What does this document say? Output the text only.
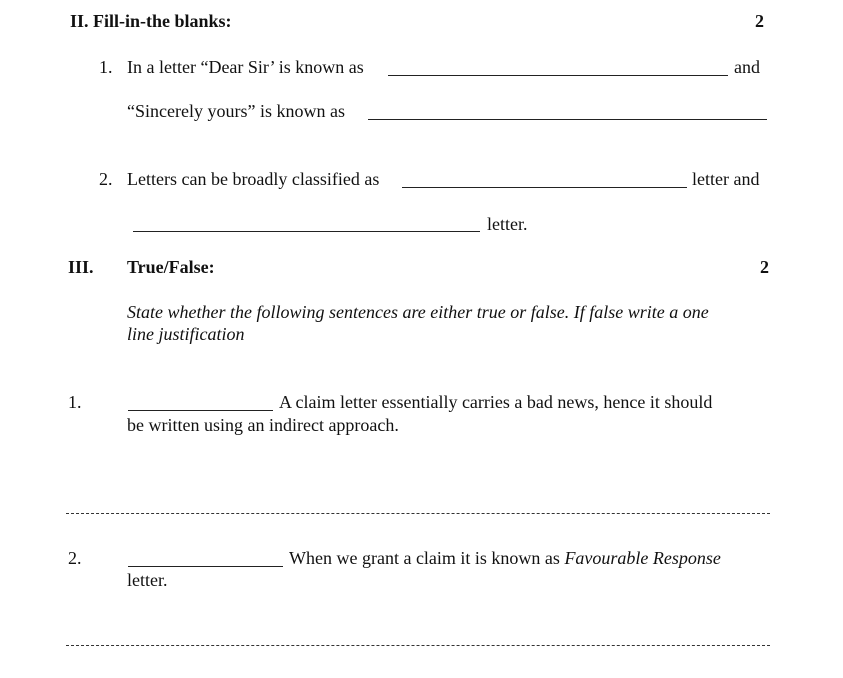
II. Fill-in-the blanks:	2
1. In a letter “Dear Sir’ is known as	and
“Sincerely yours” is known as
2. Letters can be broadly classified as	letter and
letter.
III. True/False:	2
State whether the following sentences are either true or false. If false write a one
line justification
1.	A claim letter essentially carries a bad news, hence it should
be written using an indirect approach.
2.	When we grant a claim it is known as Favourable Response
letter.
